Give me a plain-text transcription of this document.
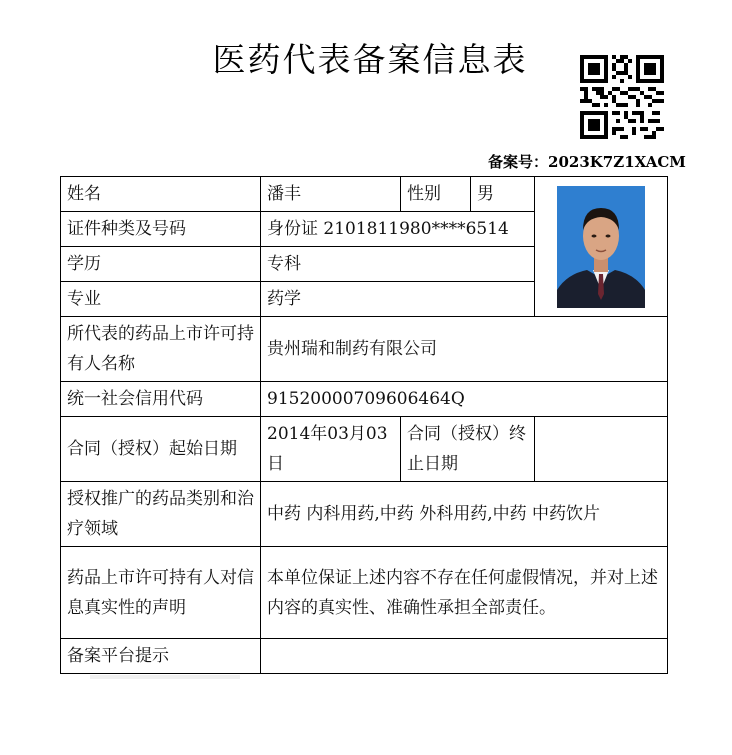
医药代表备案信息表
备案号：2023K7Z1XACM
姓名	潘丰	性别	男	

证件种类及号码	身份证 2101811980****6514			
学历	专科			
专业	药学			
所代表的药品上市许可持有人名称	贵州瑞和制药有限公司			
统一社会信用代码	91520000709606464Q			
合同（授权）起始日期	2014年03月03日	合同（授权）终止日期		
授权推广的药品类别和治疗领域	中药 内科用药,中药 外科用药,中药 中药饮片			
药品上市许可持有人对信息真实性的声明	本单位保证上述内容不存在任何虚假情况，并对上述内容的真实性、准确性承担全部责任。			
备案平台提示				
